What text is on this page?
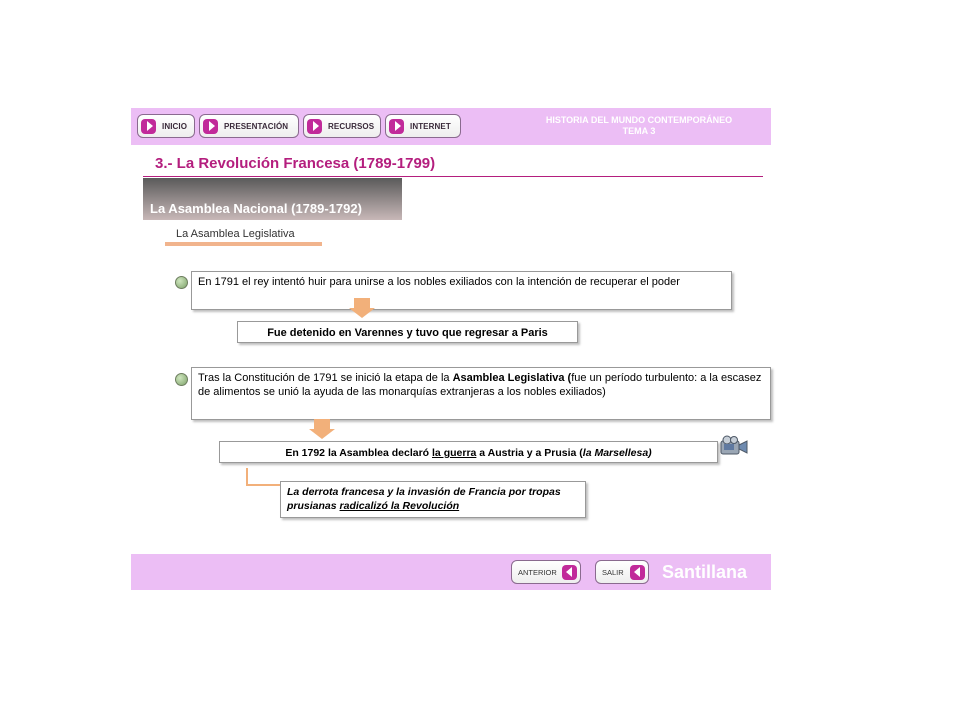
INICIO	PRESENTACIÓN	RECURSOS	INTERNET
HISTORIA DEL MUNDO CONTEMPORÁNEO
TEMA 3
3.- La Revolución Francesa (1789-1799)
La Asamblea Nacional (1789-1792)
La Asamblea Legislativa
En 1791 el rey intentó huir para unirse a los nobles exiliados con la intención de recuperar el poder
Fue detenido en Varennes y tuvo que regresar a Paris
Tras la Constitución de 1791 se inició la etapa de la Asamblea Legislativa (fue un período turbulento: a la escasez de alimentos se unió la ayuda de las monarquías extranjeras a los nobles exiliados)
En 1792 la Asamblea declaró la guerra a Austria y a Prusia (la Marsellesa)
La derrota francesa y la invasión de Francia por tropas prusianas radicalizó la Revolución
ANTERIOR	SALIR Santillana
